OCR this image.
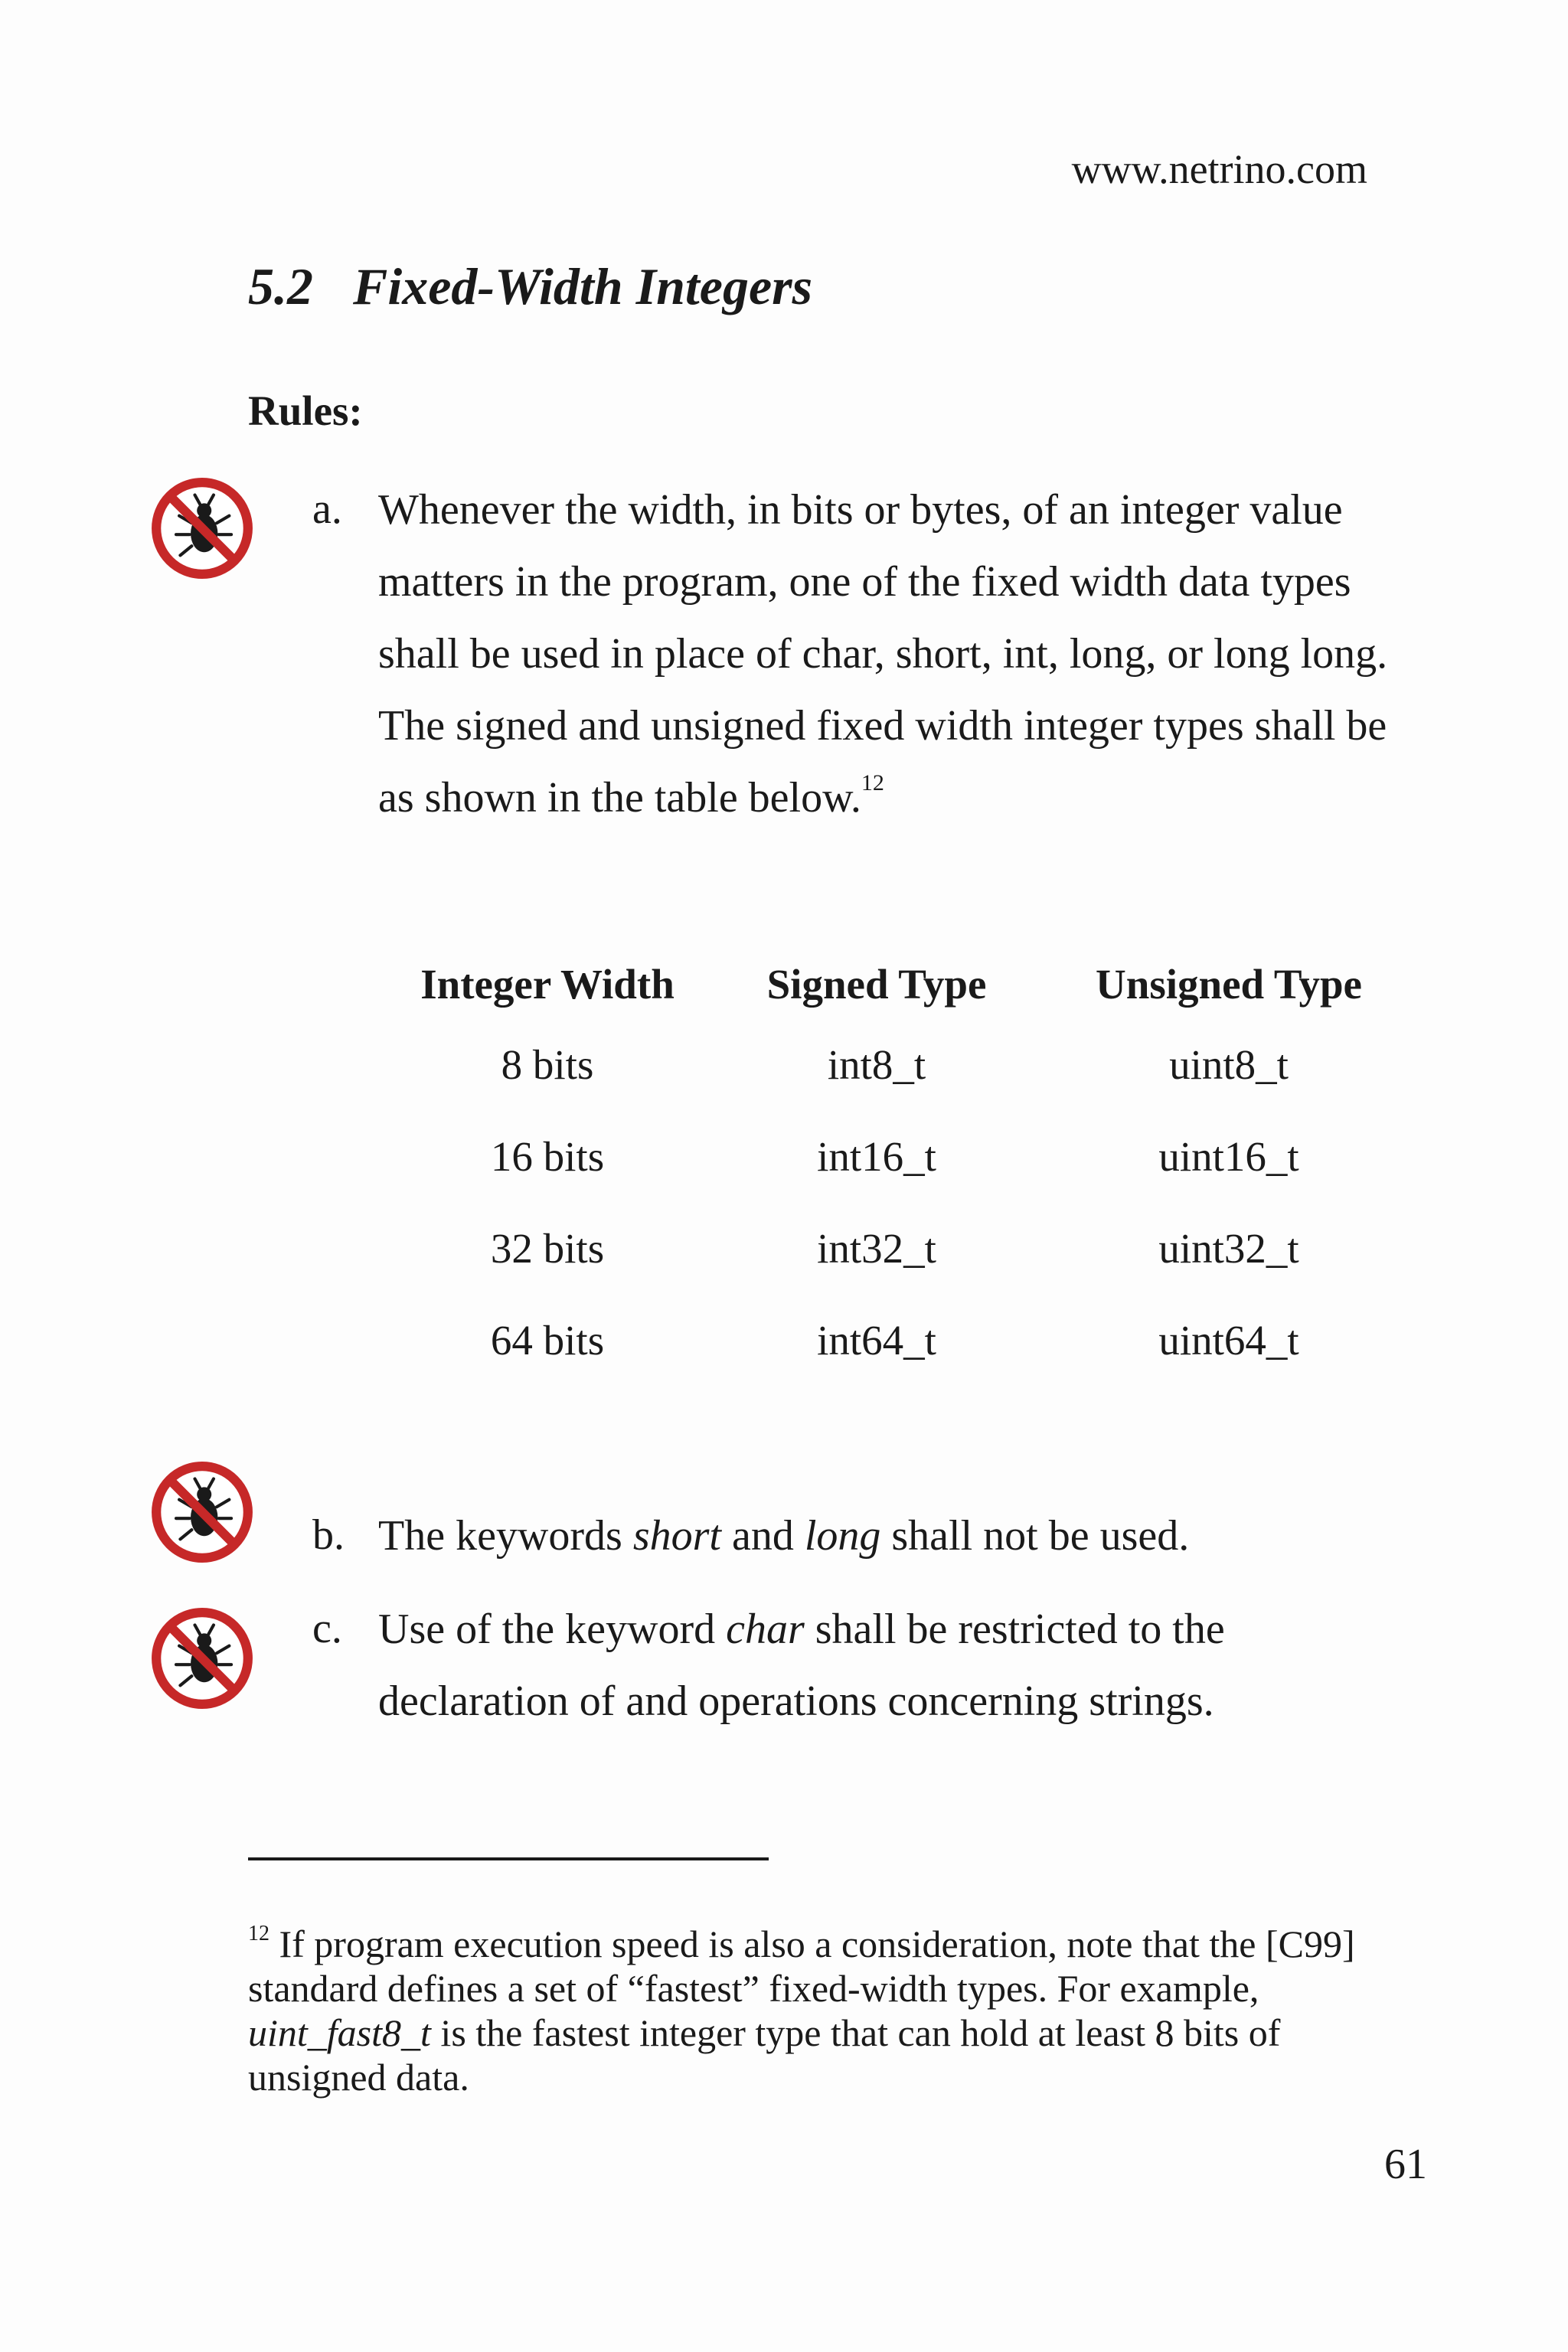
www.netrino.com
5.2 Fixed-Width Integers
Rules:
a. Whenever the width, in bits or bytes, of an integer value matters in the program, one of the fixed width data types shall be used in place of char, short, int, long, or long long. The signed and unsigned fixed width integer types shall be as shown in the table below.$^{12}$
Integer Width	Signed Type	Unsigned Type
8 bits	int8_t	uint8_t
16 bits	int16_t	uint16_t
32 bits	int32_t	uint32_t
64 bits	int64_t	uint64_t
b. The keywords short and long shall not be used.
c. Use of the keyword char shall be restricted to the declaration of and operations concerning strings.
$^{12}$ If program execution speed is also a consideration, note that the [C99] standard defines a set of “fastest” fixed-width types. For example, uint_fast8_t is the fastest integer type that can hold at least 8 bits of unsigned data.
61
